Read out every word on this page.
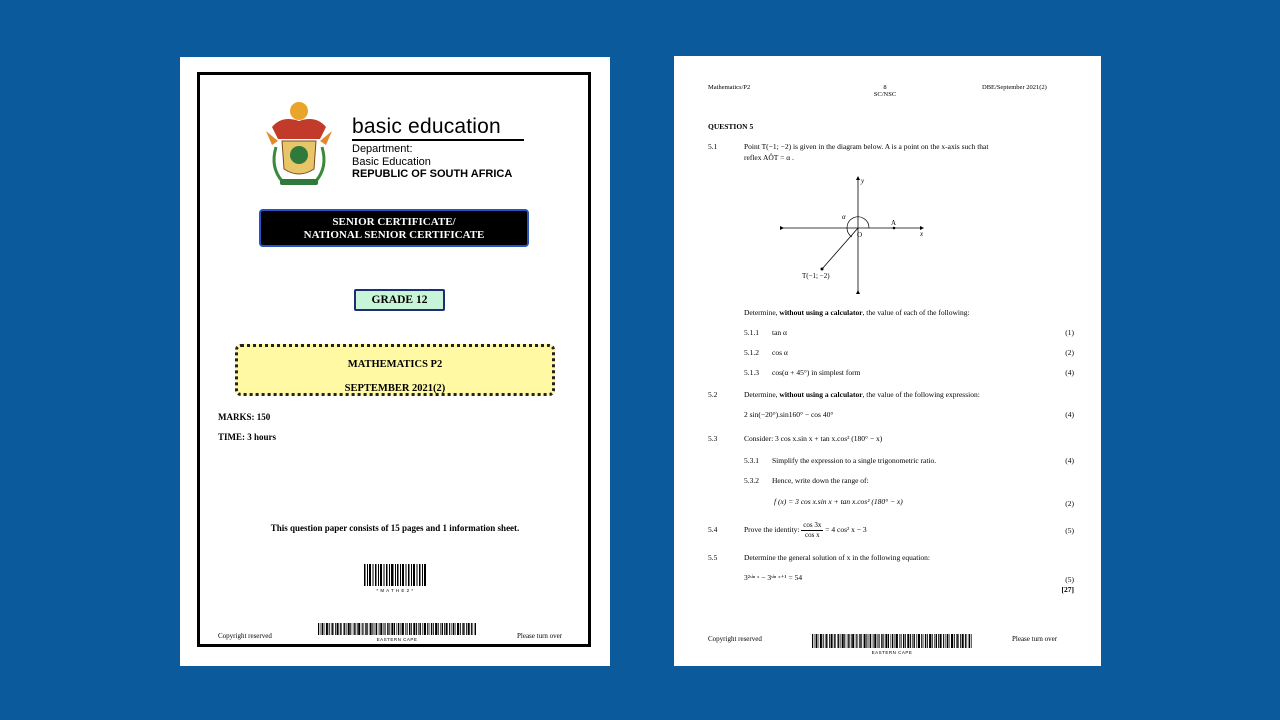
basic education
Department:
Basic Education
REPUBLIC OF SOUTH AFRICA
SENIOR CERTIFICATE/
NATIONAL SENIOR CERTIFICATE
GRADE 12
MATHEMATICS P2
SEPTEMBER 2021(2)
MARKS: 150
TIME: 3 hours
This question paper consists of 15 pages and 1 information sheet.
* M A T H E 2 *
Copyright reserved	EASTERN CAPE	Please turn over
Mathematics/P2	8
SC/NSC
DBE/September 2021(2)
QUESTION 5
5.1	Point T(−1; −2) is given in the diagram below. A is a point on the x-axis such that
reflex AÔT = α .
y
x
α
O
A
T(−1; −2)
Determine, without using a calculator, the value of each of the following:
5.1.1 tan α	(1)
5.1.2 cos α	(2)
5.1.3 cos(α + 45°) in simplest form	(4)
5.2	Determine, without using a calculator, the value of the following expression:
2 sin(−20°).sin160° − cos 40°	(4)
5.3	Consider: 3 cos x.sin x + tan x.cos² (180° − x)
5.3.1 Simplify the expression to a single trigonometric ratio.	(4)
5.3.2 Hence, write down the range of:
f (x) = 3 cos x.sin x + tan x.cos² (180° − x)	(2)
5.4	Prove the identity: $\frac{\cos 3x}{\text{cos x}} = 4$ cos² x − 3	(5)
5.5	Determine the general solution of x in the following equation:
3²ˢⁱⁿ ˣ − 3ˢⁱⁿ ˣ⁺¹ = 54	(5)
[27]
Copyright reserved
EASTERN CAPE
Please turn over
